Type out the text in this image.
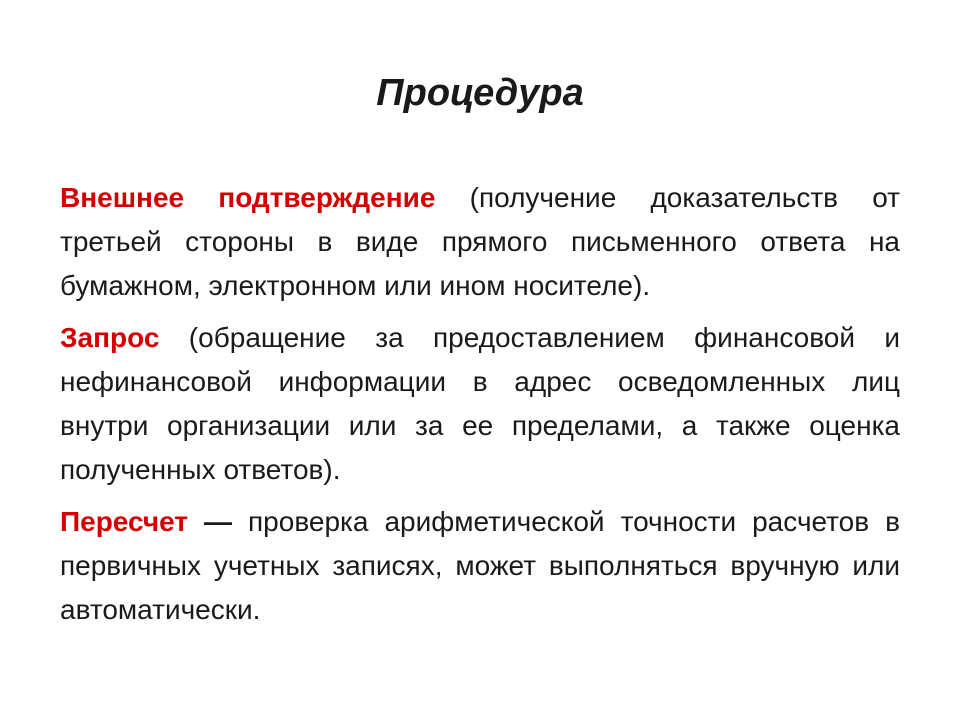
Процедура

Внешнее подтверждение (получение доказательств от третьей стороны в виде прямого письменного ответа на бумажном, электронном или ином носителе).

Запрос (обращение за предоставлением финансовой и нефинансовой информации в адрес осведомленных лиц внутри организации или за ее пределами, а также оценка полученных ответов).

Пересчет — проверка арифметической точности расчетов в первичных учетных записях, может выполняться вручную или автоматически.
